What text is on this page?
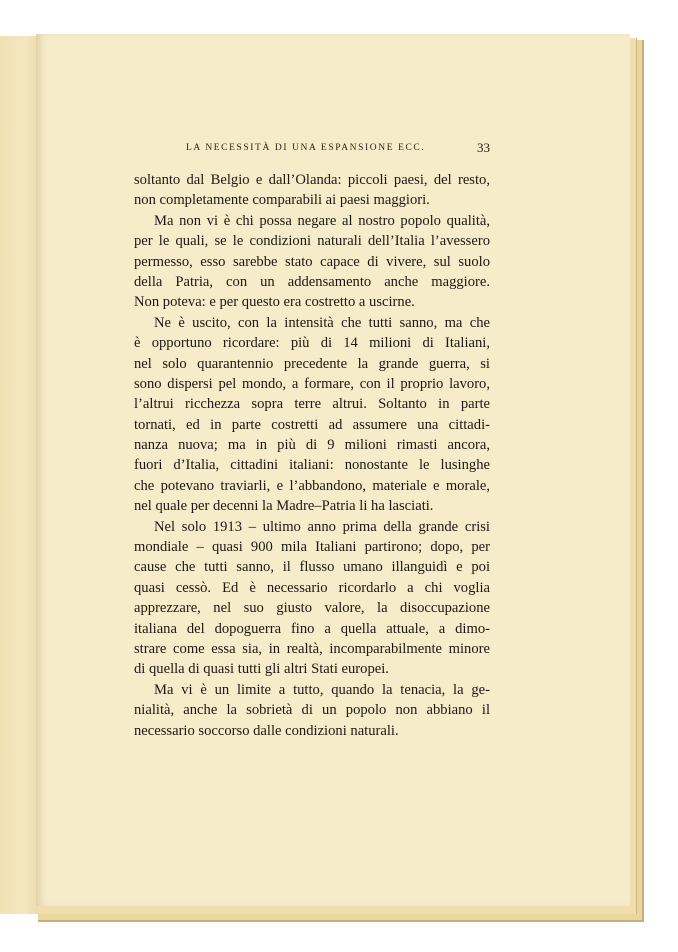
LA NECESSITÀ DI UNA ESPANSIONE ECC.	33
soltanto dal Belgio e dall’Olanda: piccoli paesi, del resto,
non completamente comparabili ai paesi maggiori.
Ma non vi è chi possa negare al nostro popolo qualità,
per le quali, se le condizioni naturali dell’Italia l’avessero
permesso, esso sarebbe stato capace di vivere, sul suolo
della Patria, con un addensamento anche maggiore.
Non poteva: e per questo era costretto a uscirne.
Ne è uscito, con la intensità che tutti sanno, ma che
è opportuno ricordare: più di 14 milioni di Italiani,
nel solo quarantennio precedente la grande guerra, si
sono dispersi pel mondo, a formare, con il proprio lavoro,
l’altrui ricchezza sopra terre altrui. Soltanto in parte
tornati, ed in parte costretti ad assumere una cittadi-
nanza nuova; ma in più di 9 milioni rimasti ancora,
fuori d’Italia, cittadini italiani: nonostante le lusinghe
che potevano traviarli, e l’abbandono, materiale e morale,
nel quale per decenni la Madre–Patria li ha lasciati.
Nel solo 1913 – ultimo anno prima della grande crisi
mondiale – quasi 900 mila Italiani partirono; dopo, per
cause che tutti sanno, il flusso umano illanguidì e poi
quasi cessò. Ed è necessario ricordarlo a chi voglia
apprezzare, nel suo giusto valore, la disoccupazione
italiana del dopoguerra fino a quella attuale, a dimo-
strare come essa sia, in realtà, incomparabilmente minore
di quella di quasi tutti gli altri Stati europei.
Ma vi è un limite a tutto, quando la tenacia, la ge-
nialità, anche la sobrietà di un popolo non abbiano il
necessario soccorso dalle condizioni naturali.
